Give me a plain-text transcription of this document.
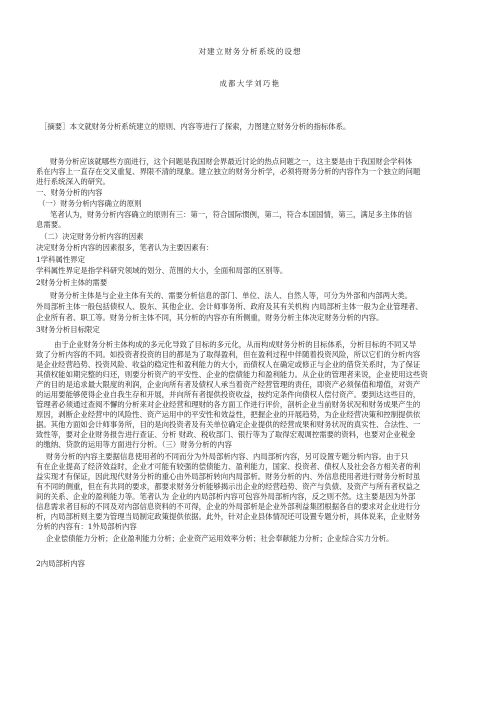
对建立财务分析系统的设想
成都大学刘巧艳
［摘要］本文就财务分析系统建立的原则、内容等进行了探索，力图建立财务分析的指标体系。
财务分析应该就哪些方面进行，这个问题是我国财会界最近讨论的热点问题之一，这主要是由于我国财会学科体
系在内容上一直存在交叉重复、界限不清的现象。建立独立的财务分析学，必须将财务分析的内容作为一个独立的问题
进行系统深入的研究。
一、财务分析的内容
（一）财务分析内容确立的原则
笔者认为，财务分析内容确立的原则有三：第一，符合国际惯例，第二，符合本国国情，第三，满足多主体的信
息需要。
（二）决定财务分析内容的因素
决定财务分析内容的因素很多，笔者认为主要因素有：
1学科属性界定
学科属性界定是指学科研究领域的划分、范围的大小，全面和局部的区别等。
2财务分析主体的需要
财务分析主体是与企业主体有关的、需要分析信息的部门、单位、法人、自然人等，可分为外部和内部两大类。
外局部析主体一般包括债权人、股东、其他企业、会计师事务所、政府及其有关机构 内局部析主体一般为企业管理者、
企业所有者、职工等。财务分析主体不同，其分析的内容亦有所侧重，财务分析主体决定财务分析的内容。
3财务分析目标限定
由于企业财务分析主体构成的多元化导致了目标的多元化，从而构成财务分析的目标体系，分析目标的不同又导
致了分析内容的不同。如投资者投资的目的都是为了取得盈利，但在盈利过程中伴随着投资风险，所以它们的分析内容
是企业经营趋势、投资风险、收益的稳定性和盈利能力的大小，而债权人在确定或修正与企业的借贷关系时，为了保证
其债权能如期完整的归还，则要分析资产的平安性、企业的偿债能力和盈利能力。从企业的管理者来说，企业使用这些资
产的目的是追求最大限度的利润，企业向所有者及债权人承当着资产经营管理的责任，即资产必须保值和增值，对资产
的运用要能够使得企业自我生存和开展，并向所有者提供投资收益，按约定条件向债权人偿付资产。要到达这些目的，
管理者必须通过查阅不懈的分析来对企业经营和理财的各方面工作进行评价，剖析企业当前财务状况和财务成果产生的
原因，剥断企业经营中的风险性、资产运用中的平安性和效益性，把握企业的开展趋势，为企业经营决策和控制提供依
据。其他方面如会计师事务所，目的是向投资者及有关单位确定企业提供的经营成果和财务状况的真实性、合法性、一
致性等，要对企业财务报告进行查证、分析 财政、税收部门、银行等为了取得宏观调控需要的资料，也要对企业税金
的缴纳、贷款的运用等方面进行分析。（三）财务分析的内容
财务分析的内容主要据信息使用者的不同而分为外局部析内容、内局部析内容，另可设置专题分析内容。由于只
有在企业提高了经济效益时，企业才可能有较强的偿债能力、盈利能力，国家、投资者、债权人及社会各方相关者的利
益实现才有保证，因此现代财务分析的重心由外局部析转向内局部析。财务分析的内、外信息使用者进行财务分析时虽
有不同的侧重，但在有共同的要求，都要求财务分析能够揭示出企业的经营趋势、资产与负债、及资产与所有者权益之
间的关系、企业的盈利能力等。笔者认为 企业的内局部析内容可包容外局部析内容，反之则不然。这主要是因为外部
信息需求者目标的不同及对内部信息资料的不可得，企业的外局部析是企业外部利益集团根据各自的要求对企业进行分
析，内局部析则主要为管理当局制定政策提供依据。此外，针对企业县体情况还可设置专题分析，具体说来，企业财务
分析的内容有：1外局部析内容
企业偿债能力分析；企业盈利能力分析；企业资产运用效率分析；社会奉献能力分析；企业综合实力分析。
2内局部析内容
